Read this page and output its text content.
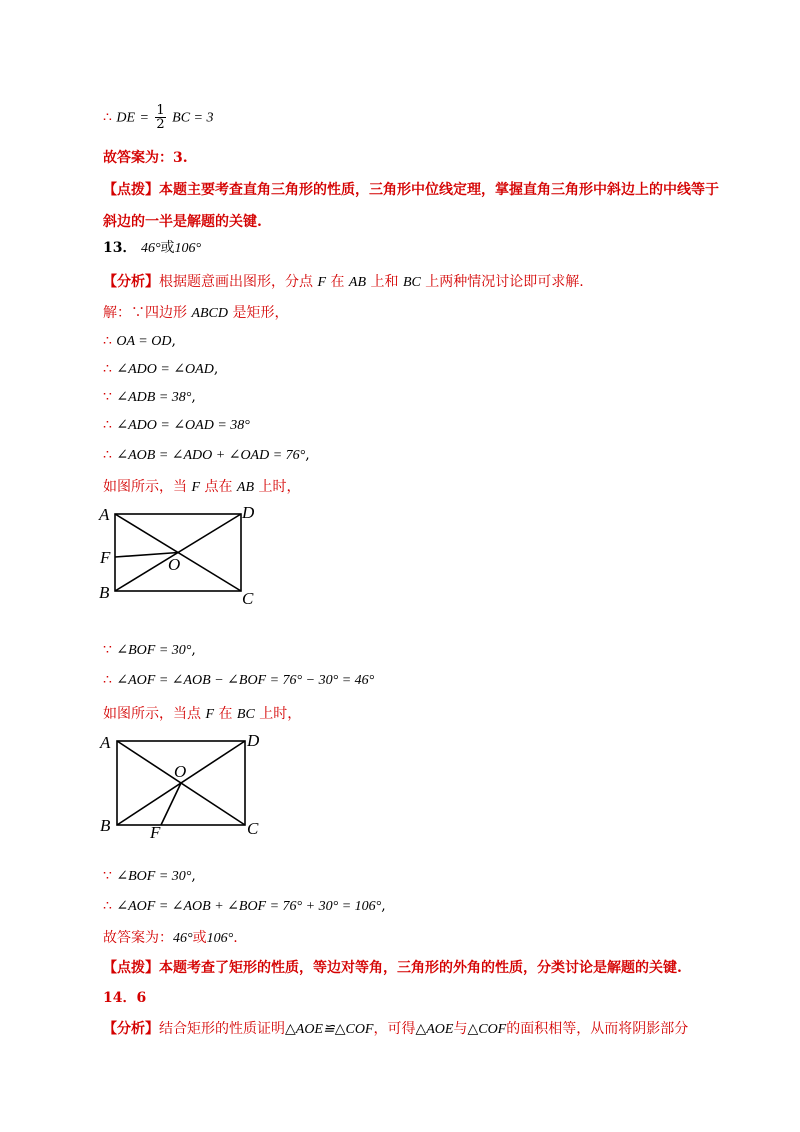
∴ DE = $\frac{1}{2}$ BC = 3
故答案为：3.
【点拨】本题主要考查直角三角形的性质，三角形中位线定理，掌握直角三角形中斜边上的中线等于
斜边的一半是解题的关键.
13． 46°或106°
【分析】根据题意画出图形，分点 F 在 AB 上和 BC 上两种情况讨论即可求解.
解：∵四边形 ABCD 是矩形，
∴ OA = OD,
∴ ∠ADO = ∠OAD,
∵ ∠ADB = 38°,
∴ ∠ADO = ∠OAD = 38°
∴ ∠AOB = ∠ADO + ∠OAD = 76°,
如图所示，当 F 点在 AB 上时，
A	D
F	O
B	C
∵ ∠BOF = 30°,
∴ ∠AOF = ∠AOB − ∠BOF = 76° − 30° = 46°
如图所示，当点 F 在 BC 上时，
A	D
O
B F	C
∵ ∠BOF = 30°,
∴ ∠AOF = ∠AOB + ∠BOF = 76° + 30° = 106°,
故答案为：46°或106°.
【点拨】本题考查了矩形的性质，等边对等角，三角形的外角的性质，分类讨论是解题的关键.
14．6
【分析】结合矩形的性质证明△AOE≌△COF，可得△AOE与△COF的面积相等，从而将阴影部分
